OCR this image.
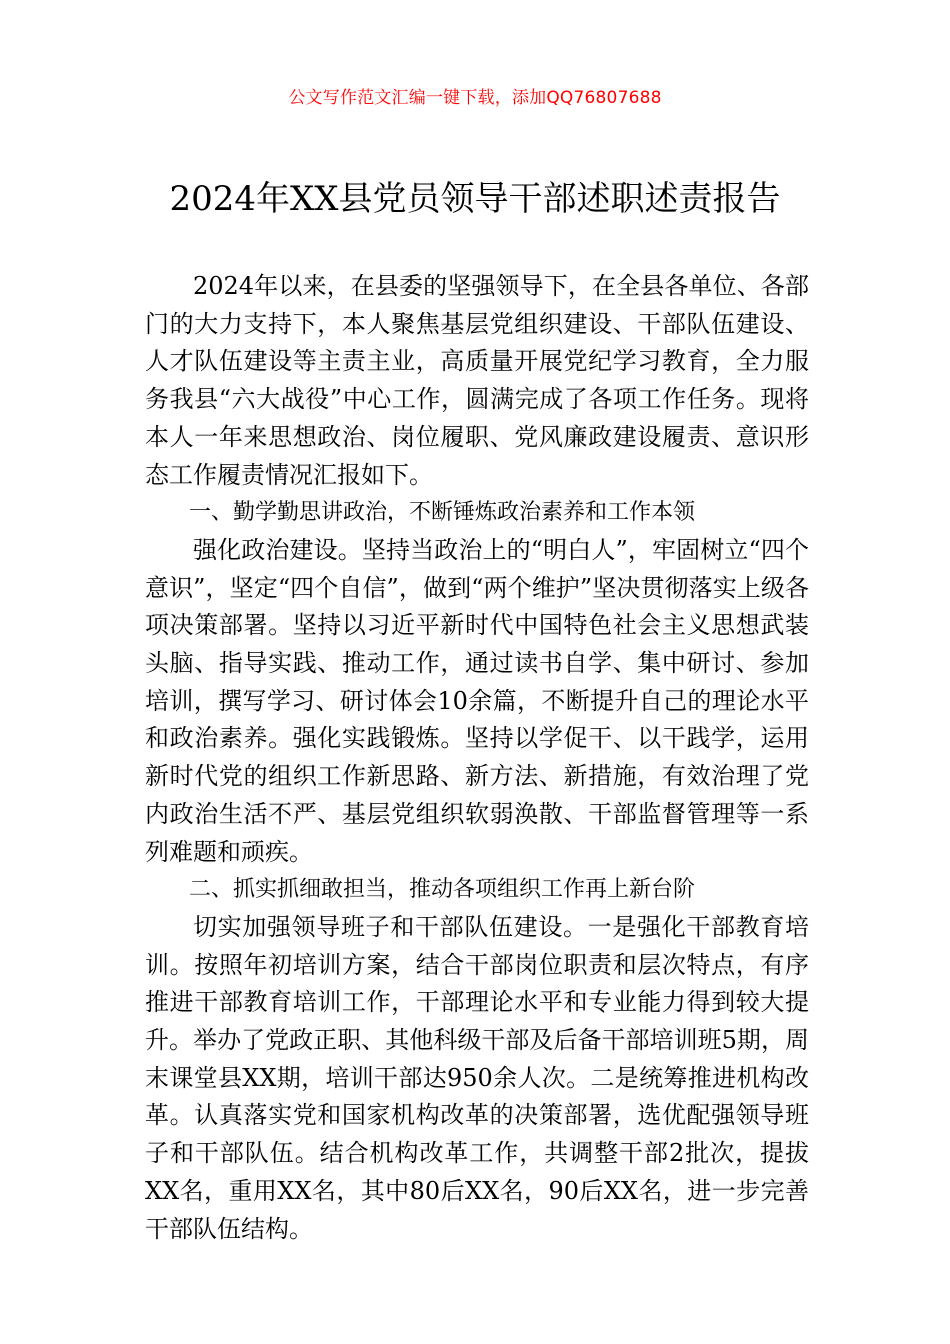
公文写作范文汇编一键下载，添加QQ76807688
2024年XX县党员领导干部述职述责报告

2024年以来，在县委的坚强领导下，在全县各单位、各部门的大力支持下，本人聚焦基层党组织建设、干部队伍建设、人才队伍建设等主责主业，高质量开展党纪学习教育，全力服务我县“六大战役”中心工作，圆满完成了各项工作任务。现将本人一年来思想政治、岗位履职、党风廉政建设履责、意识形态工作履责情况汇报如下。

一、勤学勤思讲政治，不断锤炼政治素养和工作本领

强化政治建设。坚持当政治上的“明白人”，牢固树立“四个意识”，坚定“四个自信”，做到“两个维护”坚决贯彻落实上级各项决策部署。坚持以习近平新时代中国特色社会主义思想武装头脑、指导实践、推动工作，通过读书自学、集中研讨、参加培训，撰写学习、研讨体会10余篇，不断提升自己的理论水平和政治素养。强化实践锻炼。坚持以学促干、以干践学，运用新时代党的组织工作新思路、新方法、新措施，有效治理了党内政治生活不严、基层党组织软弱涣散、干部监督管理等一系列难题和顽疾。

二、抓实抓细敢担当，推动各项组织工作再上新台阶

切实加强领导班子和干部队伍建设。一是强化干部教育培训。按照年初培训方案，结合干部岗位职责和层次特点，有序推进干部教育培训工作，干部理论水平和专业能力得到较大提升。举办了党政正职、其他科级干部及后备干部培训班5期，周末课堂县XX期，培训干部达950余人次。二是统筹推进机构改革。认真落实党和国家机构改革的决策部署，选优配强领导班子和干部队伍。结合机构改革工作，共调整干部2批次，提拔XX名，重用XX名，其中80后XX名，90后XX名，进一步完善干部队伍结构。
